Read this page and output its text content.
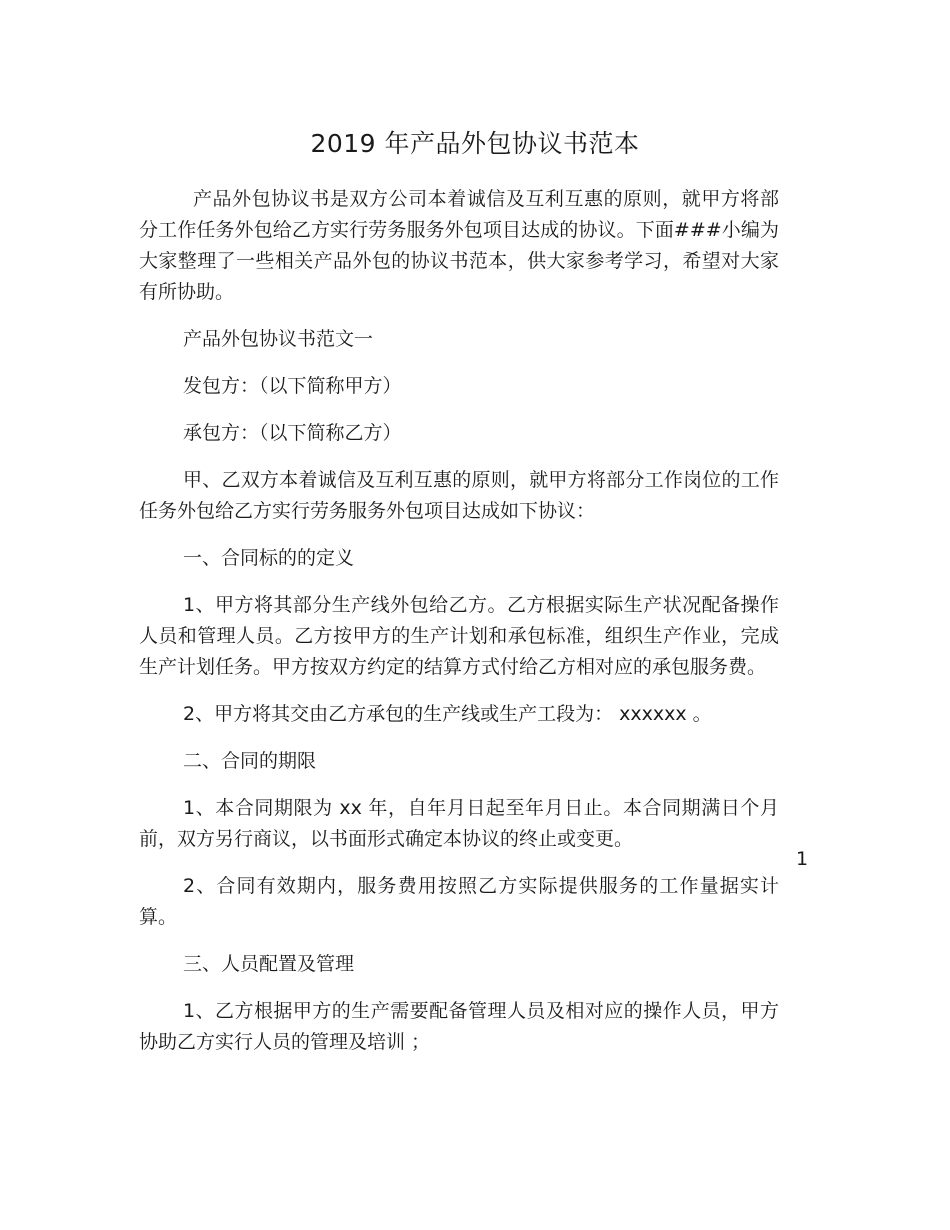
2019 年产品外包协议书范本

产品外包协议书是双方公司本着诚信及互利互惠的原则，就甲方将部分工作任务外包给乙方实行劳务服务外包项目达成的协议。下面###小编为大家整理了一些相关产品外包的协议书范本，供大家参考学习，希望对大家有所协助。

产品外包协议书范文一

发包方：（以下简称甲方）

承包方：（以下简称乙方）

甲、乙双方本着诚信及互利互惠的原则，就甲方将部分工作岗位的工作任务外包给乙方实行劳务服务外包项目达成如下协议：

一、合同标的的定义

1、甲方将其部分生产线外包给乙方。乙方根据实际生产状况配备操作人员和管理人员。乙方按甲方的生产计划和承包标准，组织生产作业，完成生产计划任务。甲方按双方约定的结算方式付给乙方相对应的承包服务费。

2、甲方将其交由乙方承包的生产线或生产工段为： xxxxxx 。

二、合同的期限

1、本合同期限为 xx 年，自年月日起至年月日止。本合同期满日个月前，双方另行商议，以书面形式确定本协议的终止或变更。

2、合同有效期内，服务费用按照乙方实际提供服务的工作量据实计算。

三、人员配置及管理

1、乙方根据甲方的生产需要配备管理人员及相对应的操作人员，甲方协助乙方实行人员的管理及培训 ；

1
